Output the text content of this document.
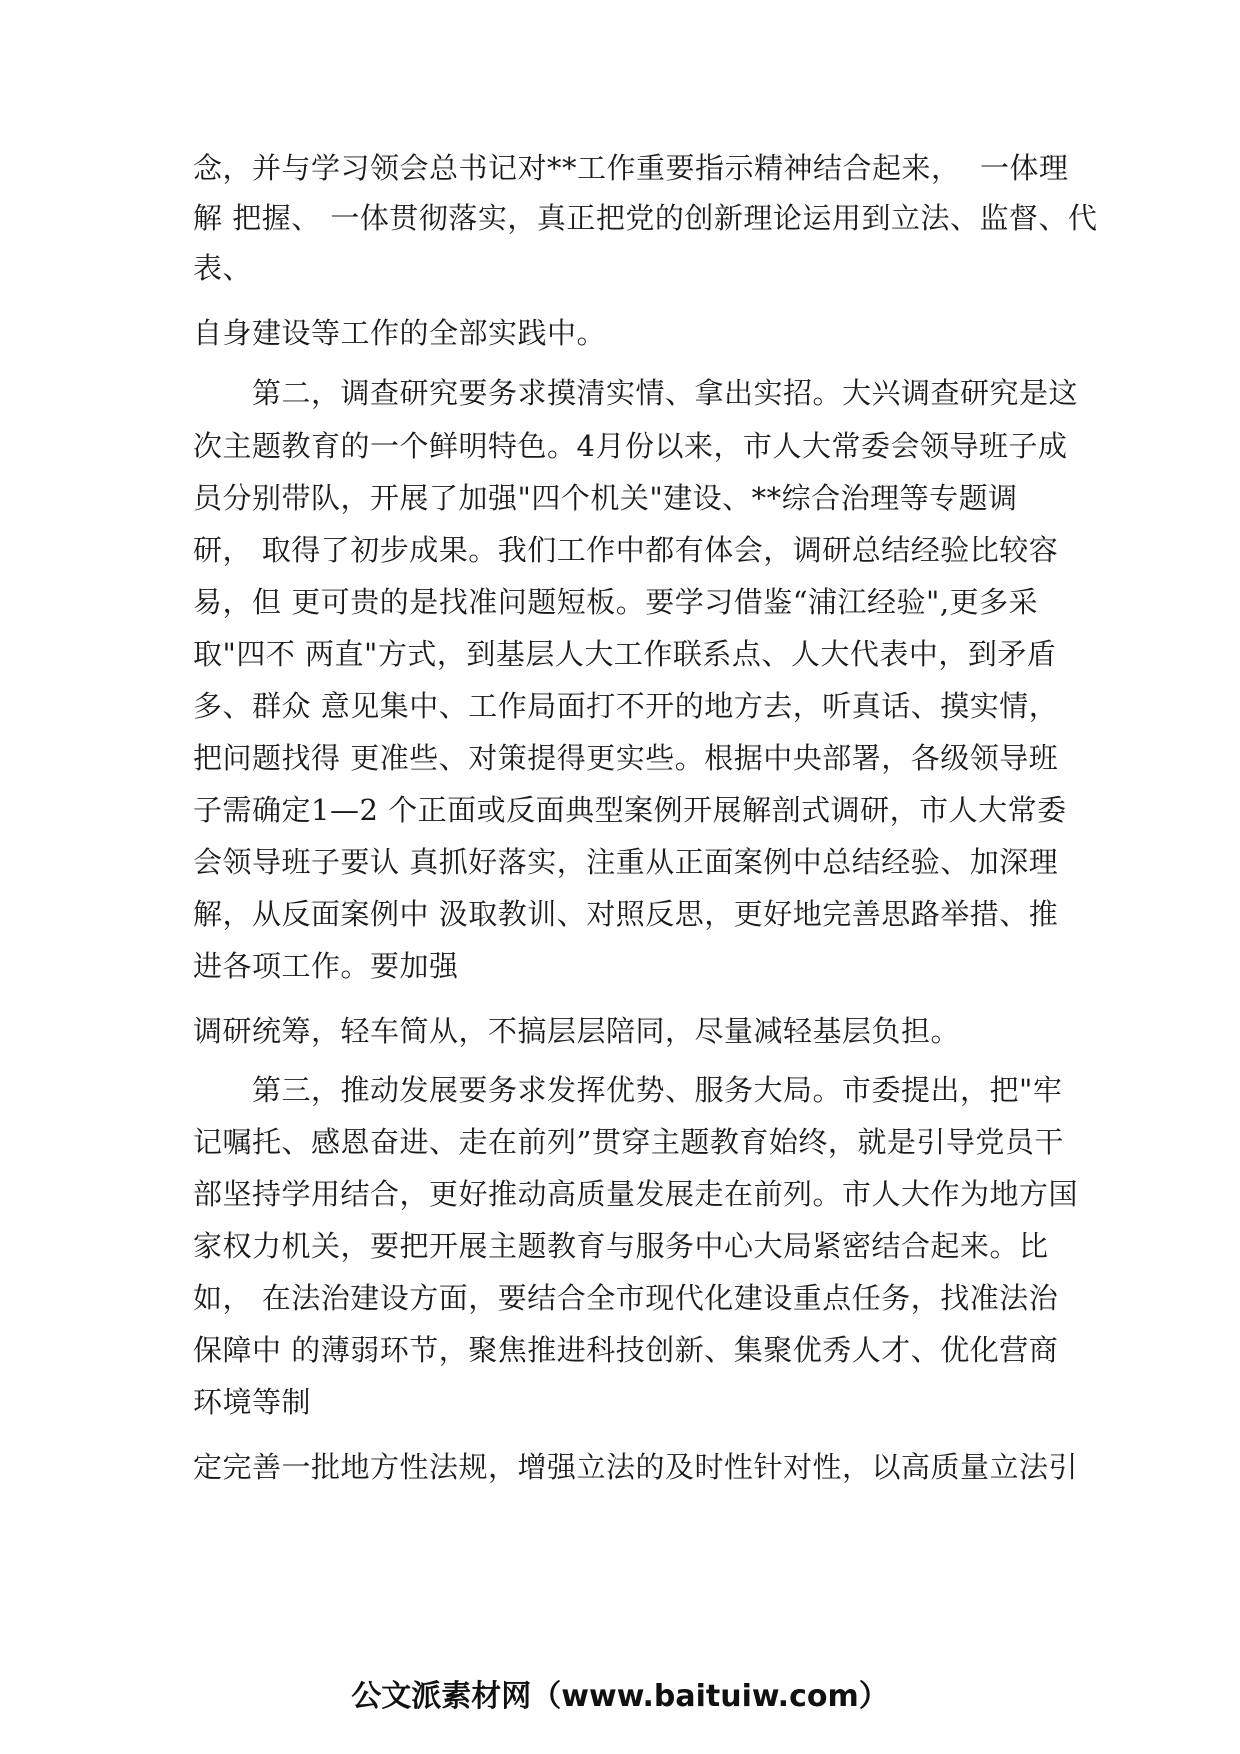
念，并与学习领会总书记对**工作重要指示精神结合起来，  一体理
解 把握、 一体贯彻落实，真正把党的创新理论运用到立法、监督、代
表、
自身建设等工作的全部实践中。
　　第二，调查研究要务求摸清实情、拿出实招。大兴调查研究是这
次主题教育的一个鲜明特色。4月份以来，市人大常委会领导班子成
员分别带队，开展了加强"四个机关"建设、**综合治理等专题调
研， 取得了初步成果。我们工作中都有体会，调研总结经验比较容
易，但 更可贵的是找准问题短板。要学习借鉴“浦江经验",更多采
取"四不 两直"方式，到基层人大工作联系点、人大代表中，到矛盾
多、群众 意见集中、工作局面打不开的地方去，听真话、摸实情，
把问题找得 更准些、对策提得更实些。根据中央部署，各级领导班
子需确定1—2 个正面或反面典型案例开展解剖式调研，市人大常委
会领导班子要认 真抓好落实，注重从正面案例中总结经验、加深理
解，从反面案例中 汲取教训、对照反思，更好地完善思路举措、推
进各项工作。要加强
调研统筹，轻车简从，不搞层层陪同，尽量减轻基层负担。
　　第三，推动发展要务求发挥优势、服务大局。市委提出，把"牢
记嘱托、感恩奋进、走在前列”贯穿主题教育始终，就是引导党员干
部坚持学用结合，更好推动高质量发展走在前列。市人大作为地方国
家权力机关，要把开展主题教育与服务中心大局紧密结合起来。比
如， 在法治建设方面，要结合全市现代化建设重点任务，找准法治
保障中 的薄弱环节，聚焦推进科技创新、集聚优秀人才、优化营商
环境等制
定完善一批地方性法规，增强立法的及时性针对性，以高质量立法引
公文派素材网（www.baituiw.com）
